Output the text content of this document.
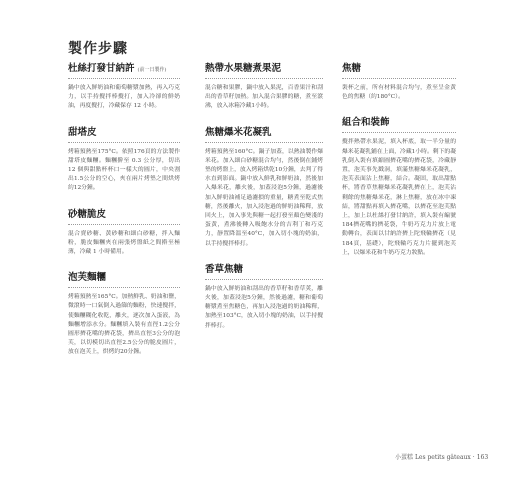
製作步驟
杜絲打發甘納許 (前一日製作)

鍋中放入鮮奶油和葡萄糖漿加熱，再入巧克力，以手持攪拌棒攪打，加入冷卻的鮮奶油，再度攪打，冷藏保存 12 小時。

甜塔皮

烤箱預熱至175°C。依照176頁的方法製作甜塔皮麵糰。麵糰擀至 0.3 公分厚，切出 12 個與甜點杯杯口一樣大的圓片，中央割出1.5公分的空心，夾在兩片烤墊之間烘烤約12分鐘。

砂糖脆皮

混合賣砂糖、黃砂糖和細白砂糖，拌入麵粉，脆皮麵糰夾在兩張烤盤紙之間擀至極薄，冷藏 1 小時備用。

泡芙麵糰

烤箱預熱至165°C。加熱鮮乳、奶油和鹽，微滾時一口氣倒入過篩的麵粉，快速攪拌，使麵糰糊化收乾，離火，逐次加入蛋液，為麵糰增添水分。麵糰填入裝有直徑1.2公分圓形擠花嘴的擠花袋，擠出直徑3公分的泡芙，以切模切出直徑2.5公分的脆皮圓片，放在泡芙上，烘烤約20分鐘。

熱帶水果糖煮果泥

混合糖和果膠，鍋中放入果泥，百香果汁和刮出的香草籽加熱。加入混合果膠的糖，煮至滾沸，放入冰箱冷藏1小時。

焦糖爆米花凝乳

烤箱預熱至160°C。鍋子加蓋，以熱油製作爆米花。加入細白砂糖混合均勻，然後倒在鋪烤墊的烤盤上，放入烤箱烘乾10分鐘，去判了得水直到影面。鍋中放入鮮乳和鮮奶油，然後加入爆米花，離火後，加蓋浸泡5分鐘，過濾後加入鮮奶油補足過濾損的重量，糖煮至乾式焦糖，然後離火，加入浸泡過的鮮奶油稀釋，放回火上，加入事先與糖一起打發至顏色變淺的蛋黃，煮沸後轉入吸飽水分的吉利丁和巧克力，靜置降溫至40°C，加入切小塊的奶油，以手持攪拌棒打。

香草焦糖

鍋中放入鮮奶油和刮出的香草籽和香草莢，離火後，加蓋浸泡5分鐘，然後過濾，糖和葡萄糖漿煮至焦糖色，再加入浸泡過的奶油稀釋，加熱至103°C，放入切小塊的奶油，以手持攪拌棒打。

焦糖

裝杯之前，所有材料混合均勻，煮至呈金黃色的焦糖（約180°C）。

組合和裝飾

攪拌熱帶水果泥，填入杯底，取一半分量的爆米花凝乳鋪在上面，冷藏1小時。剩下的凝乳倒入裝有填縮圓擠花嘴的擠花袋，冷藏靜置，泡芙事先戳洞，填滿焦糖爆米花凝乳，泡芙表面沾上焦糖，結合。凝固，取出甜點杯，將香草焦糖爆米花凝乳擠在上，泡芙沾剩餘的焦糖爆米花，淋上焦糖，放在冰中凍結，將甜點再填入擠花嘴，以擠花至泡芙點上，加上以杜絲打發甘納許，填入裝有編號184擠花嘴的擠花袋，牛奶巧克力片放上電動轉台，表面以甘納許擠上陀飛輪擠花（見184頁，基礎），陀飛輪巧克力片擺到泡芙上，以爆米花和牛奶巧克力妝點。

小蛋糕 Les petits gâteaux · 163
